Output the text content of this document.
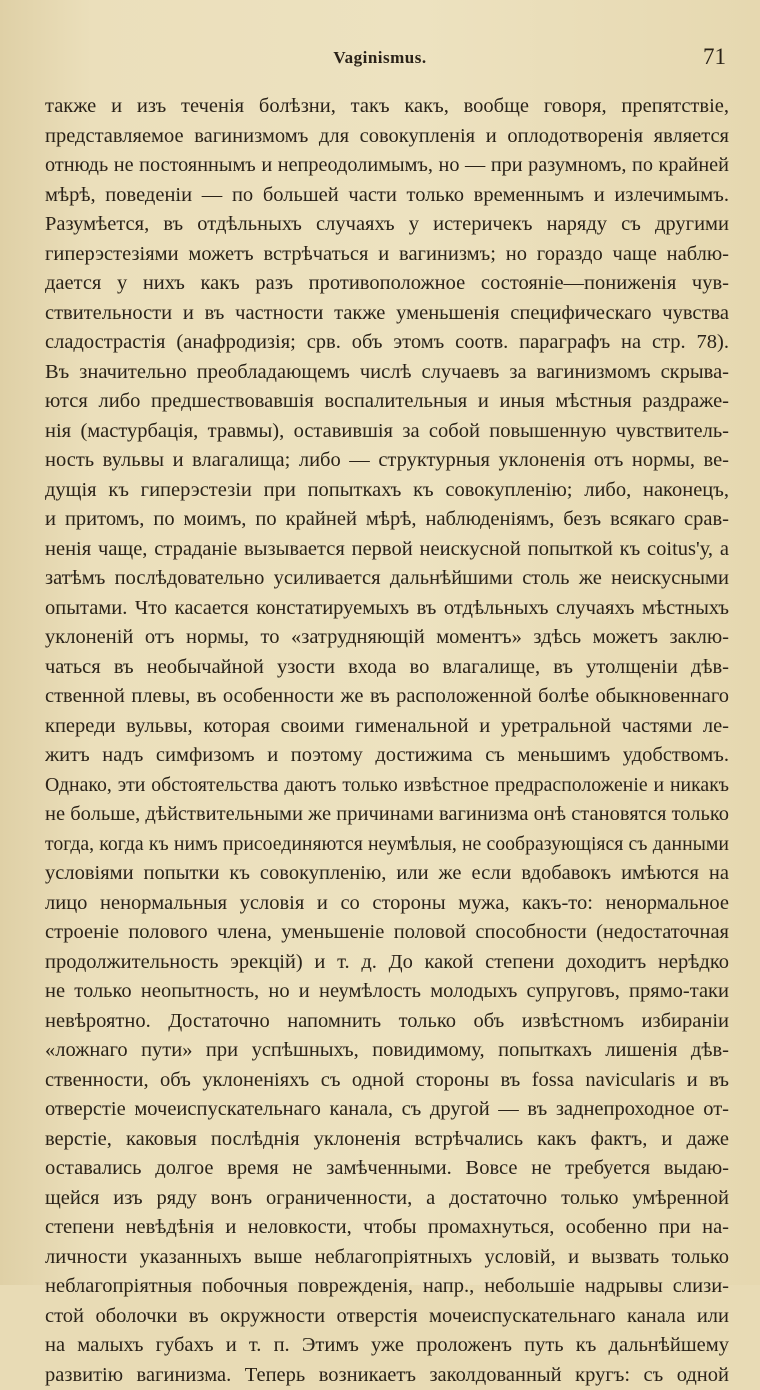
Vaginismus.	71
также и изъ теченія болѣзни, такъ какъ, вообще говоря, препятствіе,
представляемое вагинизмомъ для совокупленія и оплодотворенія является
отнюдь не постояннымъ и непреодолимымъ, но — при разумномъ, по крайней
мѣрѣ, поведеніи — по большей части только временнымъ и излечимымъ.
Разумѣется, въ отдѣльныхъ случаяхъ у истеричекъ наряду съ другими
гиперэстезіями можетъ встрѣчаться и вагинизмъ; но гораздо чаще наблю-
дается у нихъ какъ разъ противоположное состояніе—пониженія чув-
ствительности и въ частности также уменьшенія специфическаго чувства
сладострастія (анафродизія; срв. объ этомъ соотв. параграфъ на стр. 78).
Въ значительно преобладающемъ числѣ случаевъ за вагинизмомъ скрыва-
ются либо предшествовавшія воспалительныя и иныя мѣстныя раздраже-
нія (мастурбація, травмы), оставившія за собой повышенную чувствитель-
ность вульвы и влагалища; либо — структурныя уклоненія отъ нормы, ве-
дущія къ гиперэстезіи при попыткахъ къ совокупленію; либо, наконецъ,
и притомъ, по моимъ, по крайней мѣрѣ, наблюденіямъ, безъ всякаго срав-
ненія чаще, страданіе вызывается первой неискусной попыткой къ coitus'у, а
затѣмъ послѣдовательно усиливается дальнѣйшими столь же неискусными
опытами. Что касается констатируемыхъ въ отдѣльныхъ случаяхъ мѣстныхъ
уклоненій отъ нормы, то «затрудняющій моментъ» здѣсь можетъ заклю-
чаться въ необычайной узости входа во влагалище, въ утолщеніи дѣв-
ственной плевы, въ особенности же въ расположенной болѣе обыкновеннаго
кпереди вульвы, которая своими гименальной и уретральной частями ле-
житъ надъ симфизомъ и поэтому достижима съ меньшимъ удобствомъ.
Однако, эти обстоятельства даютъ только извѣстное предрасположеніе и никакъ
не больше, дѣйствительными же причинами вагинизма онѣ становятся только
тогда, когда къ нимъ присоединяются неумѣлыя, не сообразующіяся съ данными
условіями попытки къ совокупленію, или же если вдобавокъ имѣются на
лицо ненормальныя условія и со стороны мужа, какъ-то: ненормальное
строеніе полового члена, уменьшеніе половой способности (недостаточная
продолжительность эрекцій) и т. д. До какой степени доходитъ нерѣдко
не только неопытность, но и неумѣлость молодыхъ супруговъ, прямо-таки
невѣроятно. Достаточно напомнить только объ извѣстномъ избираніи
«ложнаго пути» при успѣшныхъ, повидимому, попыткахъ лишенія дѣв-
ственности, объ уклоненіяхъ съ одной стороны въ fossa navicularis и въ
отверстіе мочеиспускательнаго канала, съ другой — въ заднепроходное от-
верстіе, каковыя послѣднія уклоненія встрѣчались какъ фактъ, и даже
оставались долгое время не замѣченными. Вовсе не требуется выдаю-
щейся изъ ряду вонъ ограниченности, а достаточно только умѣренной
степени невѣдѣнія и неловкости, чтобы промахнуться, особенно при на-
личности указанныхъ выше неблагопріятныхъ условій, и вызвать только
неблагопріятныя побочныя поврежденія, напр., небольшіе надрывы слизи-
стой оболочки въ окружности отверстія мочеиспускательнаго канала или
на малыхъ губахъ и т. п. Этимъ уже проложенъ путь къ дальнѣйшему
развитію вагинизма. Теперь возникаетъ заколдованный кругъ: съ одной
